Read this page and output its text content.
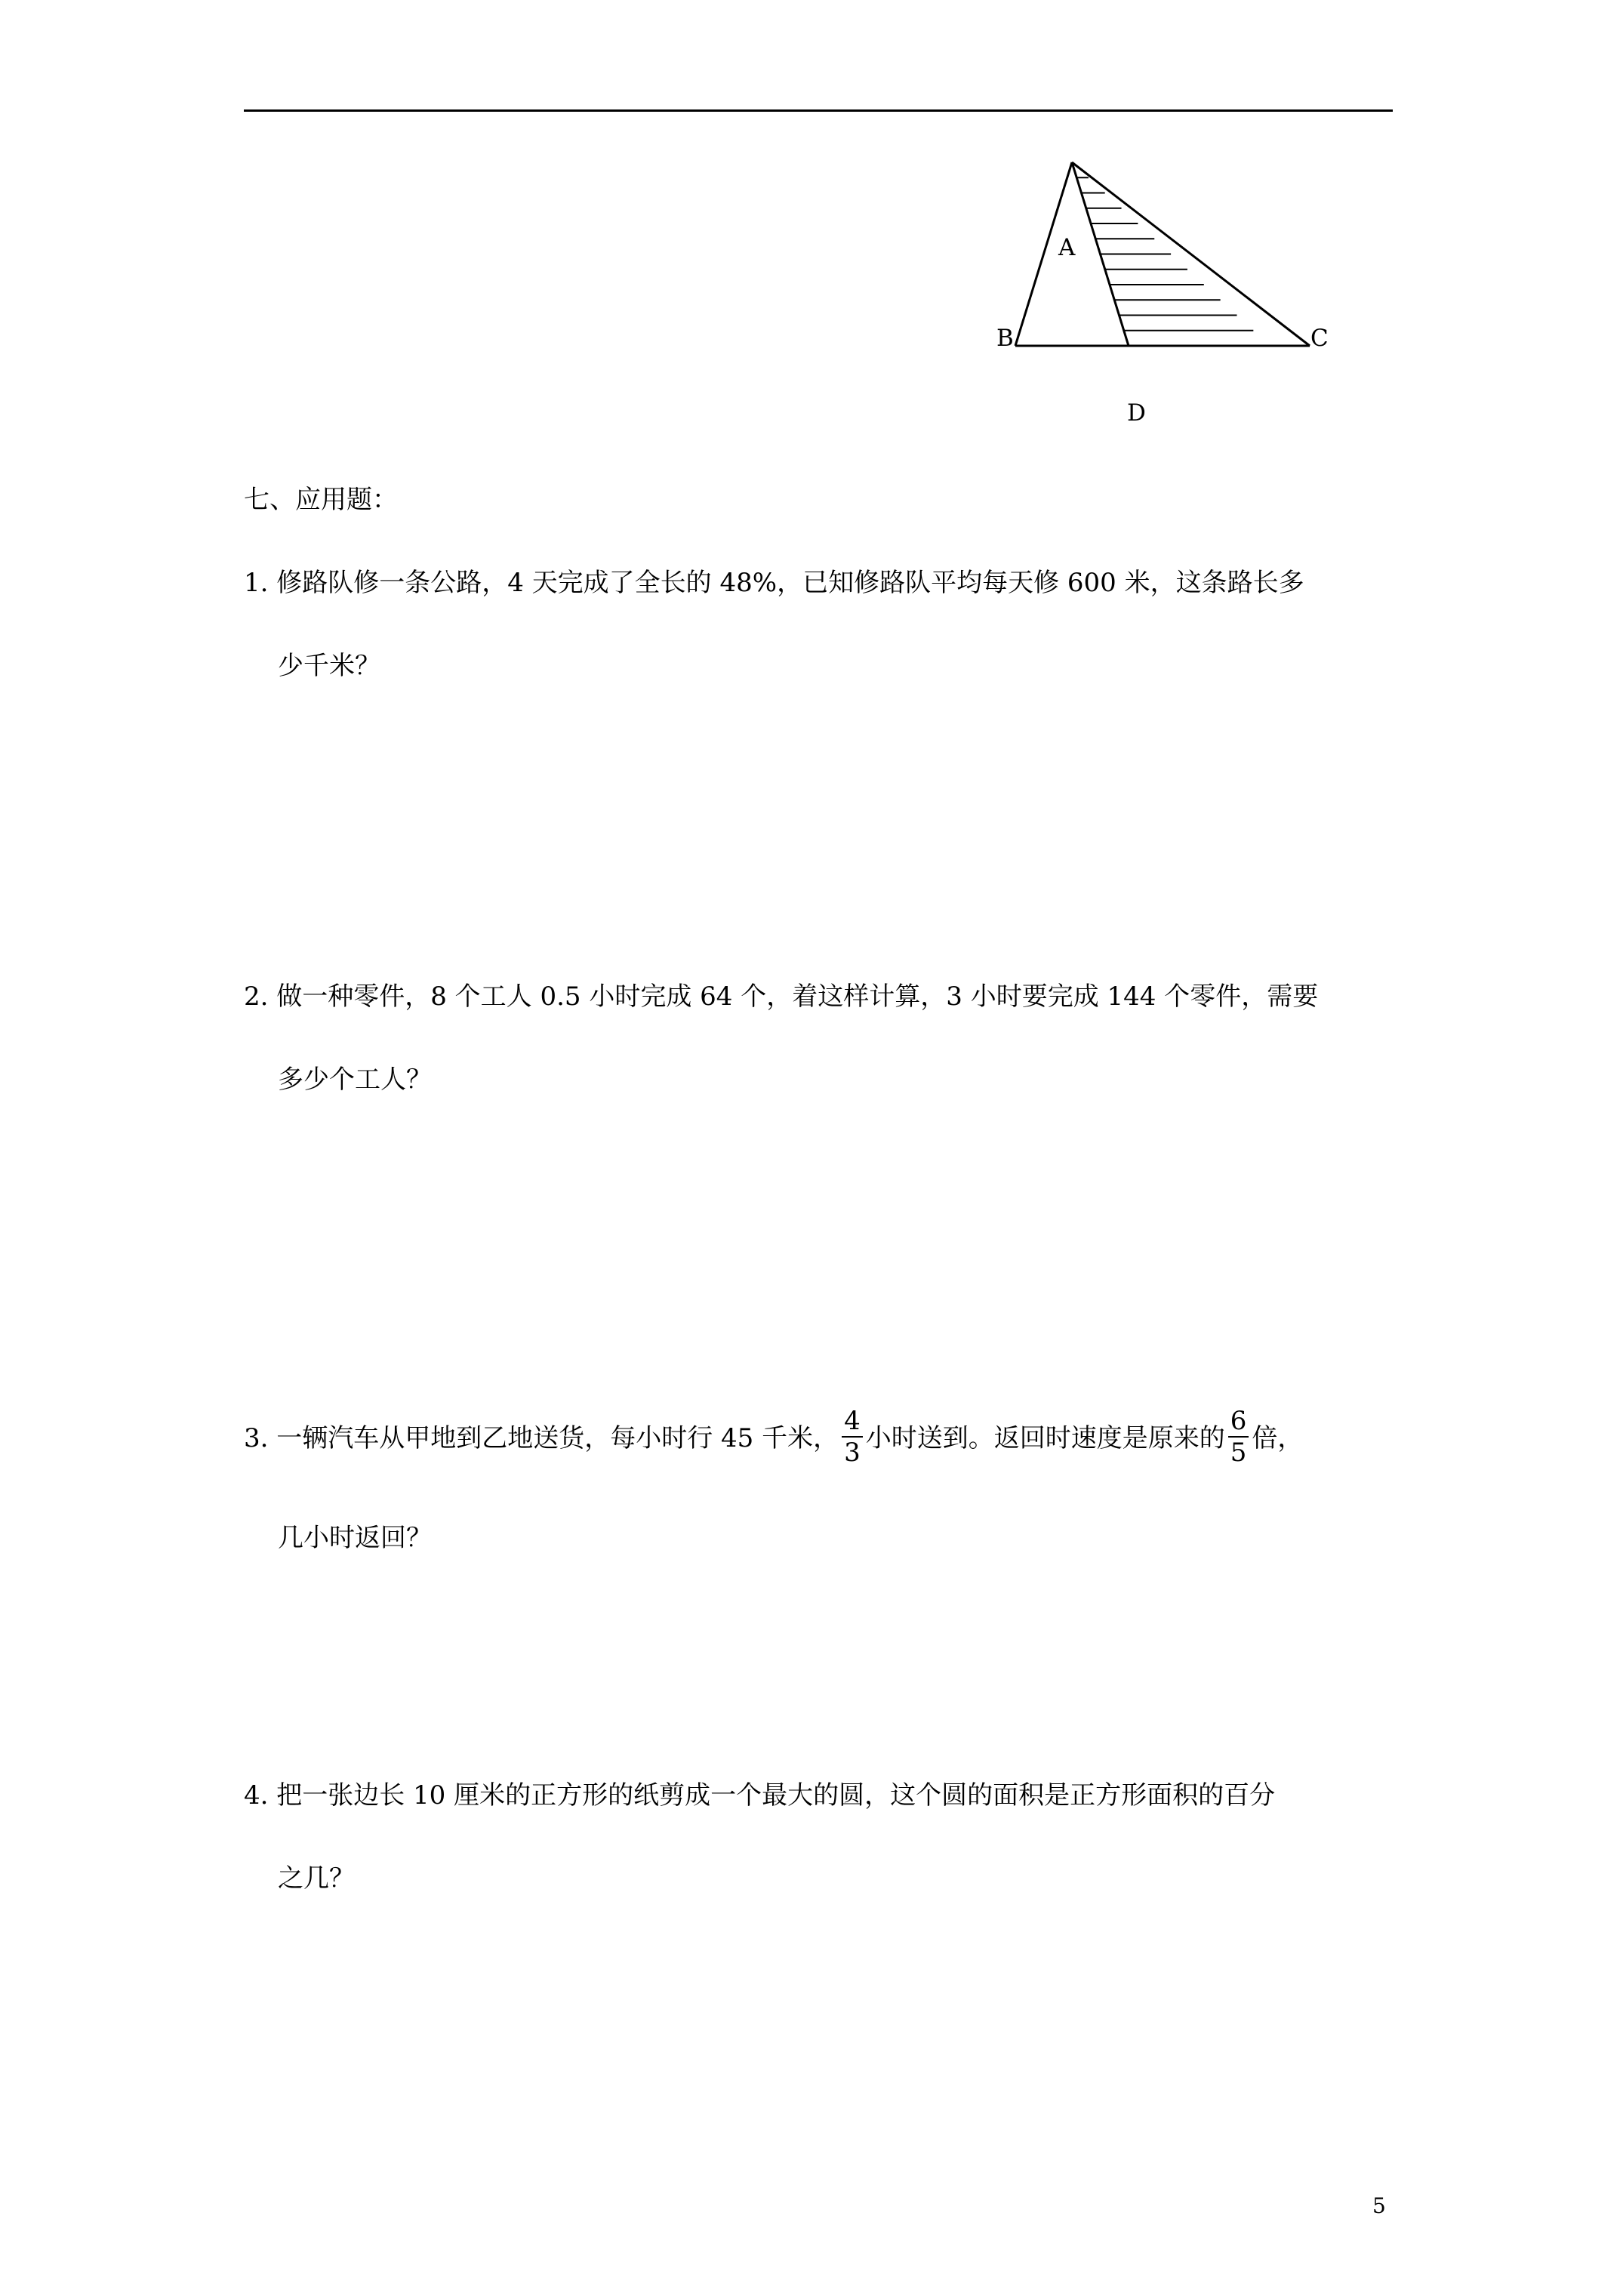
A
B	C
D
七、应用题：
1. 修路队修一条公路，4 天完成了全长的 48%，已知修路队平均每天修 600 米，这条路长多
少千米？
2. 做一种零件，8 个工人 0.5 小时完成 64 个，着这样计算，3 小时要完成 144 个零件，需要
多少个工人？
3. 一辆汽车从甲地到乙地送货，每小时行 45 千米， $\frac{4}{3}$ 小时送到。返回时速度是原来的 $\frac{6}{5}$ 倍，
几小时返回？
4. 把一张边长 10 厘米的正方形的纸剪成一个最大的圆，这个圆的面积是正方形面积的百分
之几？
5
